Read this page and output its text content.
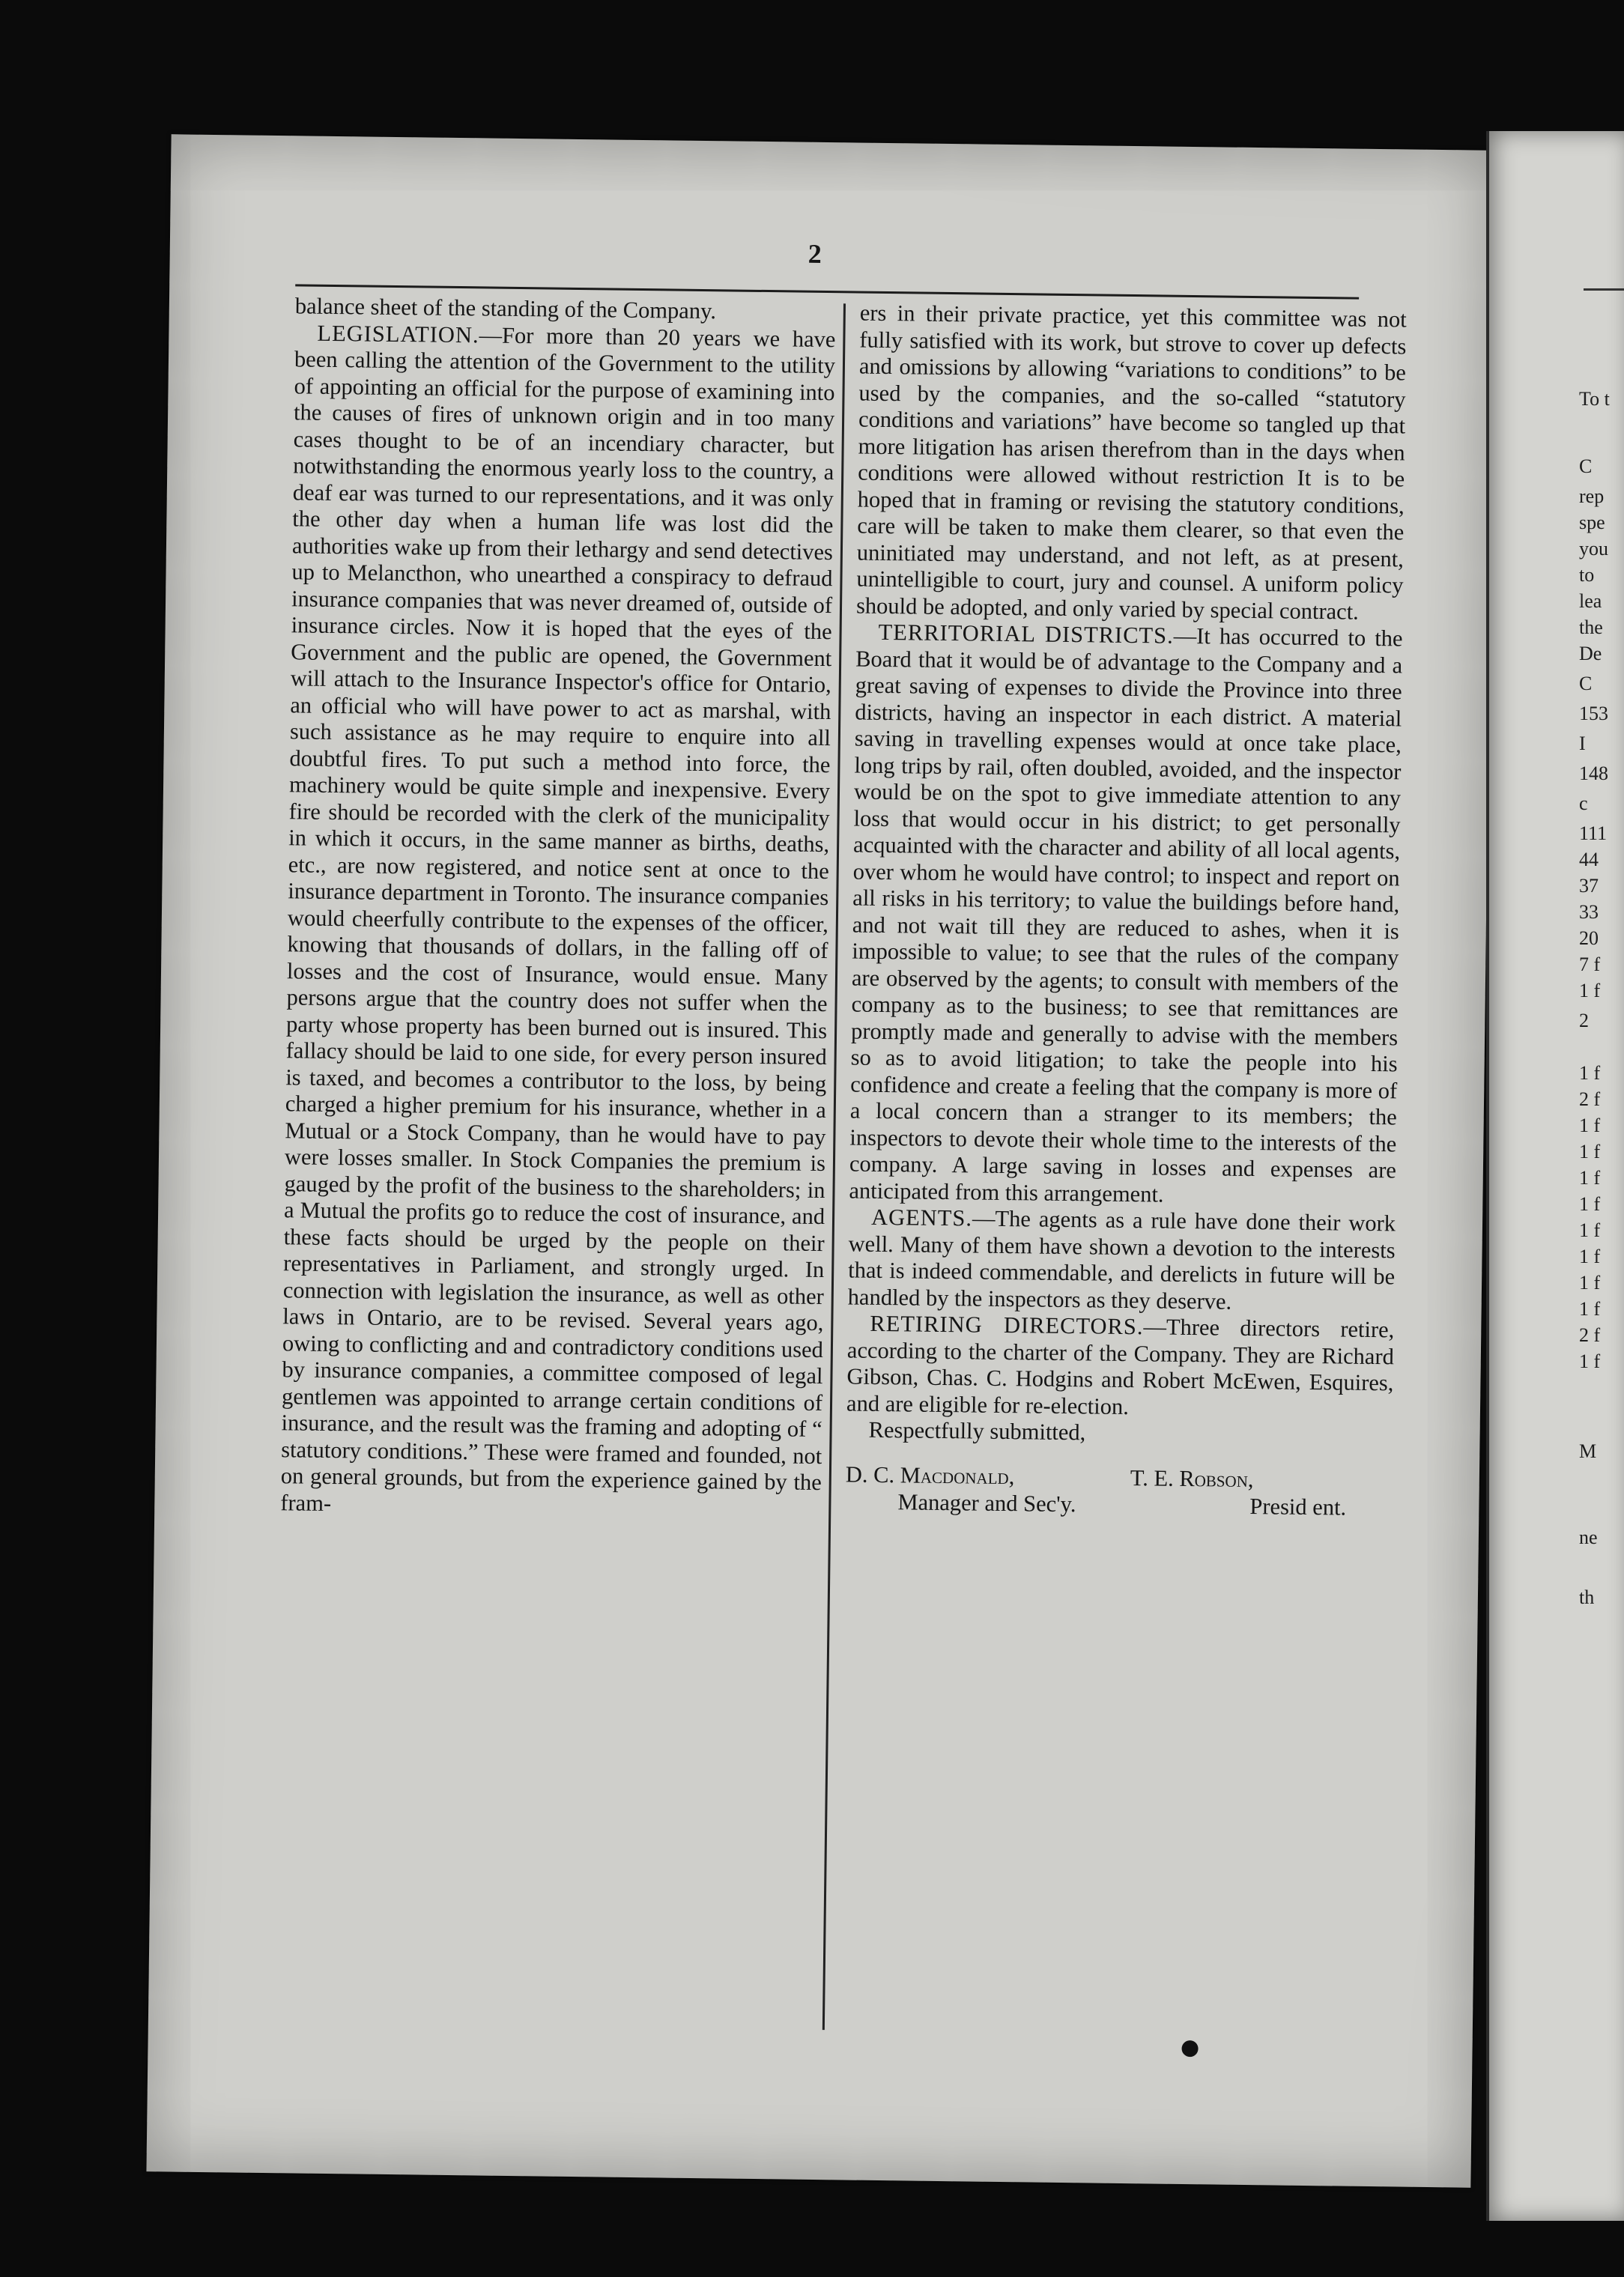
2

balance sheet of the standing of the Company.

LEGISLATION.—For more than 20 years we have been calling the attention of the Government to the utility of appointing an official for the purpose of examining into the causes of fires of unknown origin and in too many cases thought to be of an incendiary character, but notwithstanding the enormous yearly loss to the country, a deaf ear was turned to our representations, and it was only the other day when a human life was lost did the authorities wake up from their lethargy and send detectives up to Melancthon, who unearthed a conspiracy to defraud insurance companies that was never dreamed of, outside of insurance circles. Now it is hoped that the eyes of the Government and the public are opened, the Government will attach to the Insurance Inspector's office for Ontario, an official who will have power to act as marshal, with such assistance as he may require to enquire into all doubtful fires. To put such a method into force, the machinery would be quite simple and inexpensive. Every fire should be recorded with the clerk of the municipality in which it occurs, in the same manner as births, deaths, etc., are now registered, and notice sent at once to the insurance department in Toronto. The insurance companies would cheerfully contribute to the expenses of the officer, knowing that thousands of dollars, in the falling off of losses and the cost of Insurance, would ensue. Many persons argue that the country does not suffer when the party whose property has been burned out is insured. This fallacy should be laid to one side, for every person insured is taxed, and becomes a contributor to the loss, by being charged a higher premium for his insurance, whether in a Mutual or a Stock Company, than he would have to pay were losses smaller. In Stock Companies the premium is gauged by the profit of the business to the shareholders; in a Mutual the profits go to reduce the cost of insurance, and these facts should be urged by the people on their representatives in Parliament, and strongly urged. In connection with legislation the insurance, as well as other laws in Ontario, are to be revised. Several years ago, owing to conflicting and and contradictory conditions used by insurance companies, a committee composed of legal gentlemen was appointed to arrange certain conditions of insurance, and the result was the framing and adopting of “ statutory conditions.” These were framed and founded, not on general grounds, but from the experience gained by the fram-

ers in their private practice, yet this committee was not fully satisfied with its work, but strove to cover up defects and omissions by allowing “variations to conditions” to be used by the companies, and the so-called “statutory conditions and variations” have become so tangled up that more litigation has arisen therefrom than in the days when conditions were allowed without restriction It is to be hoped that in framing or revising the statutory conditions, care will be taken to make them clearer, so that even the uninitiated may understand, and not left, as at present, unintelligible to court, jury and counsel. A uniform policy should be adopted, and only varied by special contract.

TERRITORIAL DISTRICTS.—It has occurred to the Board that it would be of advantage to the Company and a great saving of expenses to divide the Province into three districts, having an inspector in each district. A material saving in travelling expenses would at once take place, long trips by rail, often doubled, avoided, and the inspector would be on the spot to give immediate attention to any loss that would occur in his district; to get personally acquainted with the character and ability of all local agents, over whom he would have control; to inspect and report on all risks in his territory; to value the buildings before hand, and not wait till they are reduced to ashes, when it is impossible to value; to see that the rules of the company are observed by the agents; to consult with members of the company as to the business; to see that remittances are promptly made and generally to advise with the members so as to avoid litigation; to take the people into his confidence and create a feeling that the company is more of a local concern than a stranger to its members; the inspectors to devote their whole time to the interests of the company. A large saving in losses and expenses are anticipated from this arrangement.

AGENTS.—The agents as a rule have done their work well. Many of them have shown a devotion to the interests that is indeed commendable, and derelicts in future will be handled by the inspectors as they deserve.

RETIRING DIRECTORS.—Three directors retire, according to the charter of the Company. They are Richard Gibson, Chas. C. Hodgins and Robert McEwen, Esquires, and are eligible for re-election.

Respectfully submitted,

D. C. Macdonald,	T. E. Robson,
Manager and Sec'y.	Presid ent.
To t
C
rep
spe
you
to
lea
the
De
C
153
I
148
c
111
44
37
33
20
7 f
1 f
2
1 f
2 f
1 f
1 f
1 f
1 f
1 f
1 f
1 f
1 f
2 f
1 f
M
ne
th
